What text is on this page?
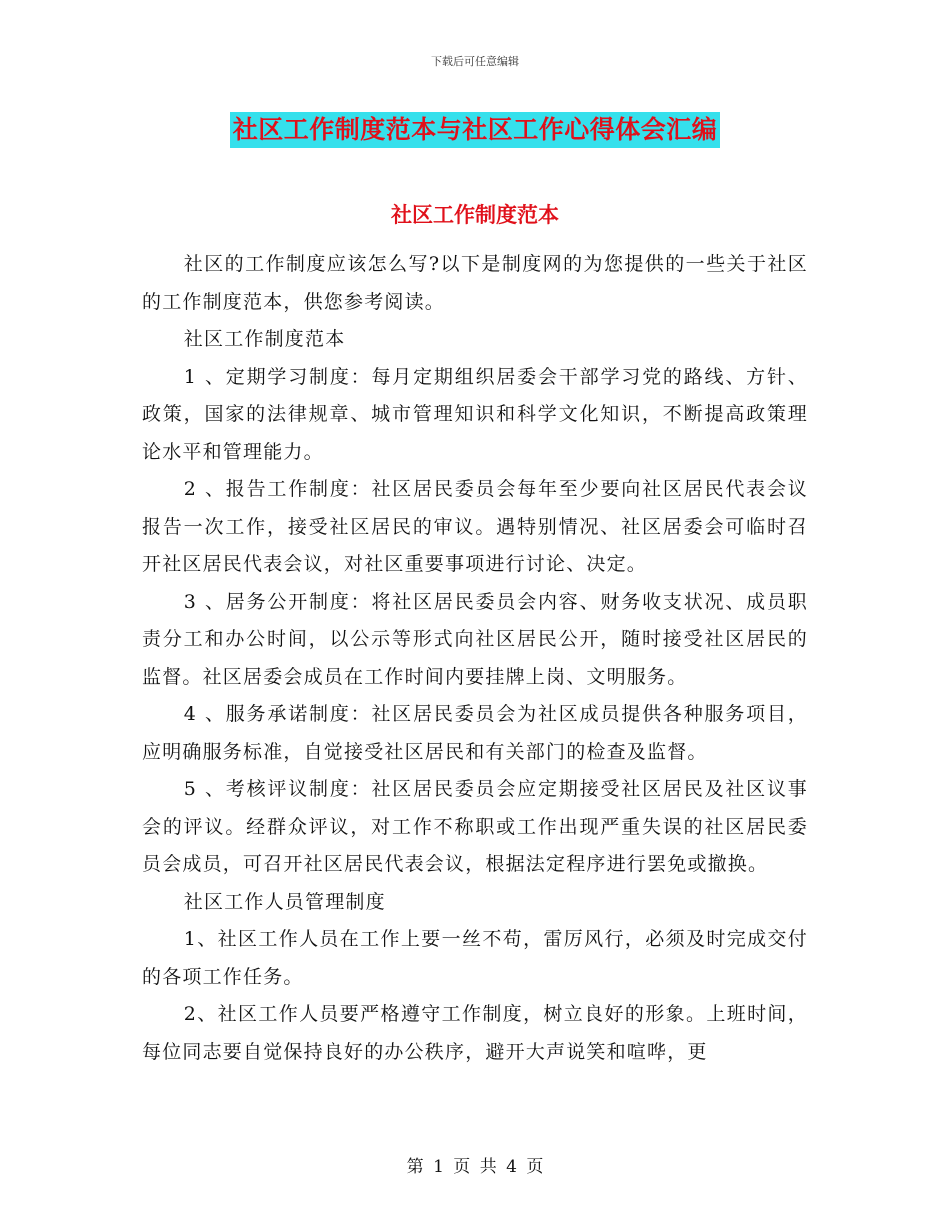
下载后可任意编辑
社区工作制度范本与社区工作心得体会汇编
社区工作制度范本

社区的工作制度应该怎么写?以下是制度网的为您提供的一些关于社区的工作制度范本，供您参考阅读。

社区工作制度范本

1 、定期学习制度：每月定期组织居委会干部学习党的路线、方针、政策，国家的法律规章、城市管理知识和科学文化知识，不断提高政策理论水平和管理能力。

2 、报告工作制度：社区居民委员会每年至少要向社区居民代表会议报告一次工作，接受社区居民的审议。遇特别情况、社区居委会可临时召开社区居民代表会议，对社区重要事项进行讨论、决定。

3 、居务公开制度：将社区居民委员会内容、财务收支状况、成员职责分工和办公时间，以公示等形式向社区居民公开，随时接受社区居民的监督。社区居委会成员在工作时间内要挂牌上岗、文明服务。

4 、服务承诺制度：社区居民委员会为社区成员提供各种服务项目，应明确服务标准，自觉接受社区居民和有关部门的检查及监督。

5 、考核评议制度：社区居民委员会应定期接受社区居民及社区议事会的评议。经群众评议，对工作不称职或工作出现严重失误的社区居民委员会成员，可召开社区居民代表会议，根据法定程序进行罢免或撤换。

社区工作人员管理制度

1、社区工作人员在工作上要一丝不苟，雷厉风行，必须及时完成交付的各项工作任务。

2、社区工作人员要严格遵守工作制度，树立良好的形象。上班时间，每位同志要自觉保持良好的办公秩序，避开大声说笑和喧哗，更

第 1 页 共 4 页
